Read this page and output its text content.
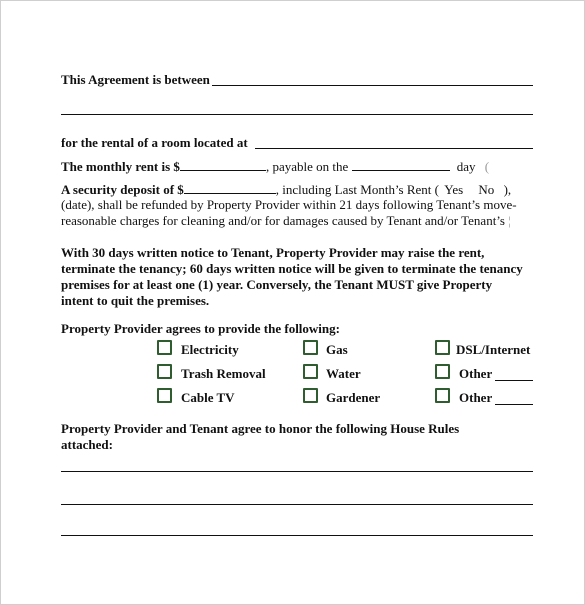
This Agreement is between
for the rental of a room located at
The monthly rent is $	, payable on the	day (
A security deposit of $	, including Last Month’s Rent ( Yes No ),
(date), shall be refunded by Property Provider within 21 days following Tenant’s move-
reasonable charges for cleaning and/or for damages caused by Tenant and/or Tenant’s ¦
With 30 days written notice to Tenant, Property Provider may raise the rent,
terminate the tenancy; 60 days written notice will be given to terminate the tenancy
premises for at least one (1) year. Conversely, the Tenant MUST give Property
intent to quit the premises.
Property Provider agrees to provide the following:
Electricity	Gas	DSL/Internet
Trash Removal	Water	Other
Cable TV	Gardener	Other
Property Provider and Tenant agree to honor the following House Rules
attached:
